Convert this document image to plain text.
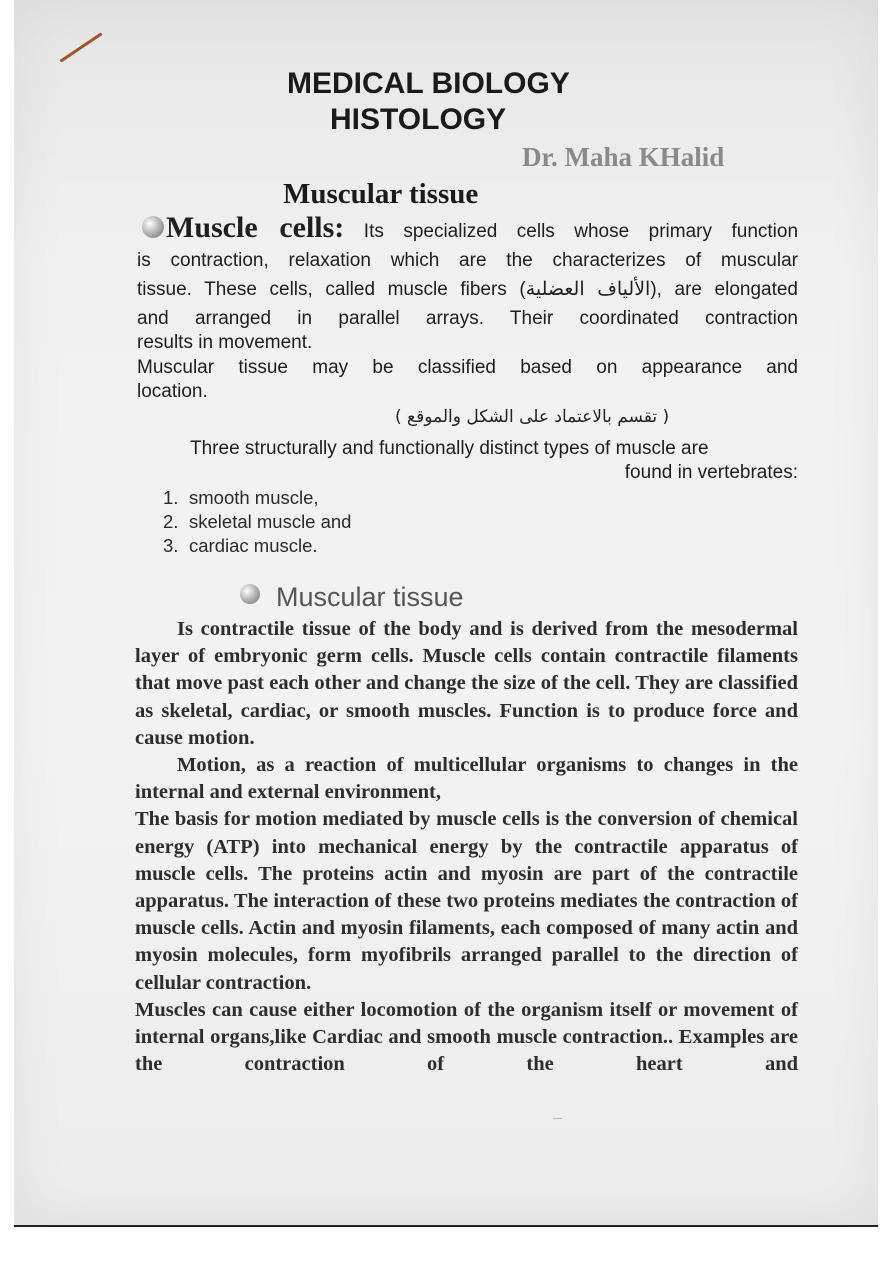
MEDICAL BIOLOGY
HISTOLOGY
Dr. Maha KHalid
Muscular tissue
Muscle cells: Its specialized cells whose primary function
is contraction, relaxation which are the characterizes of muscular
tissue. These cells, called muscle fibers (الألياف العضلية), are elongated
and arranged in parallel arrays. Their coordinated contraction
results in movement.
Muscular tissue may be classified based on appearance and
location.
( تقسم بالاعتماد على الشكل والموقع )
Three structurally and functionally distinct types of muscle are
found in vertebrates:
1. smooth muscle,
2. skeletal muscle and
3. cardiac muscle.
Muscular tissue

Is contractile tissue of the body and is derived from the mesodermal layer of embryonic germ cells. Muscle cells contain contractile filaments that move past each other and change the size of the cell. They are classified as skeletal, cardiac, or smooth muscles. Function is to produce force and cause motion.

Motion, as a reaction of multicellular organisms to changes in the internal and external environment,

The basis for motion mediated by muscle cells is the conversion of chemical energy (ATP) into mechanical energy by the contractile apparatus of muscle cells. The proteins actin and myosin are part of the contractile apparatus. The interaction of these two proteins mediates the contraction of muscle cells. Actin and myosin filaments, each composed of many actin and myosin molecules, form myofibrils arranged parallel to the direction of cellular contraction.

Muscles can cause either locomotion of the organism itself or movement of internal organs,like Cardiac and smooth muscle contraction.. Examples are the contraction of the heart and
